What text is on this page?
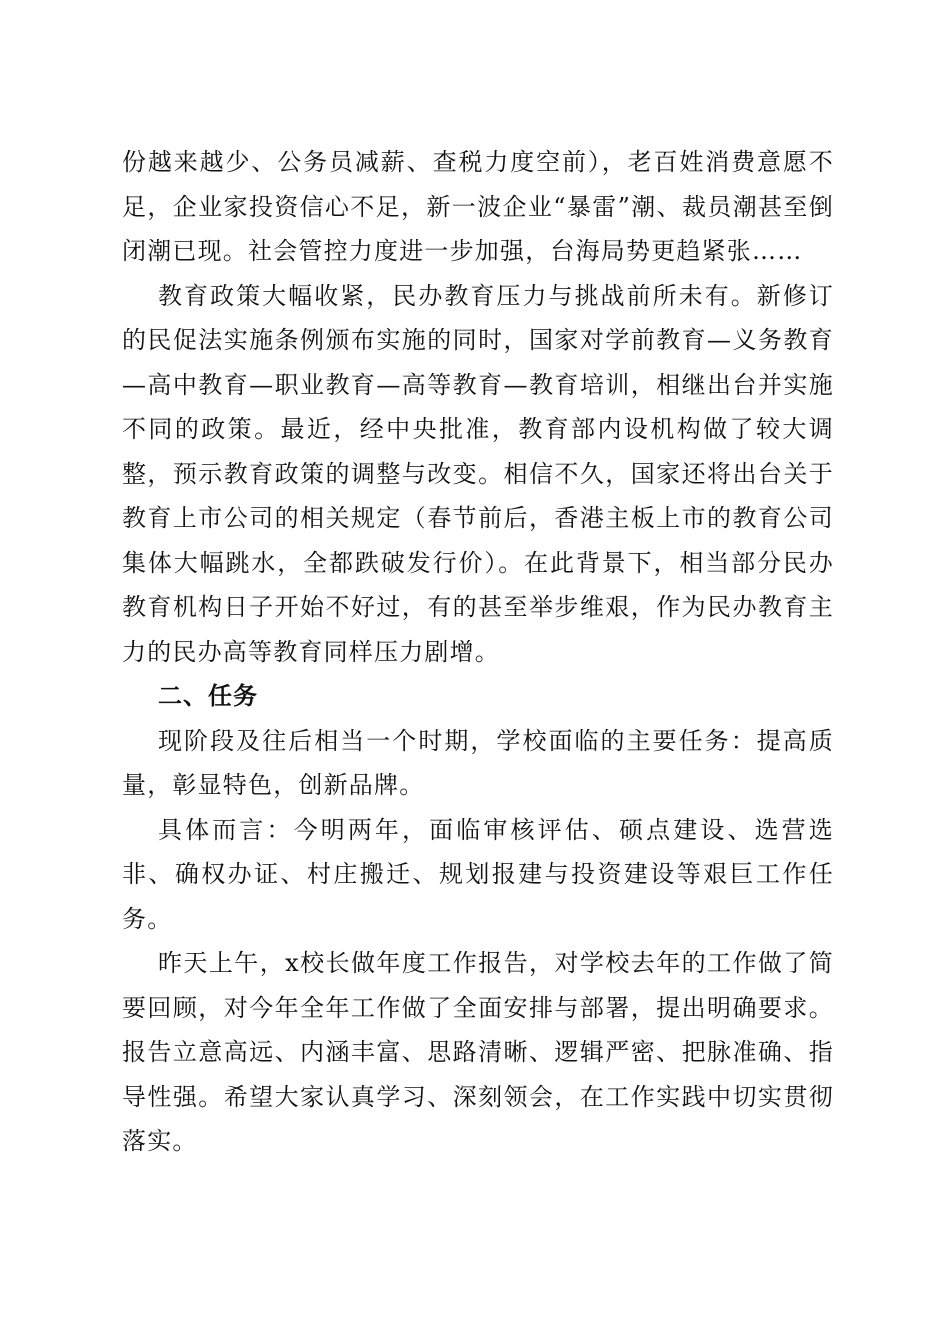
份越来越少、公务员减薪、查税力度空前），老百姓消费意愿不足，企业家投资信心不足，新一波企业“暴雷”潮、裁员潮甚至倒闭潮已现。社会管控力度进一步加强，台海局势更趋紧张……

教育政策大幅收紧，民办教育压力与挑战前所未有。新修订的民促法实施条例颁布实施的同时，国家对学前教育—义务教育—高中教育—职业教育—高等教育—教育培训，相继出台并实施不同的政策。最近，经中央批准，教育部内设机构做了较大调整，预示教育政策的调整与改变。相信不久，国家还将出台关于教育上市公司的相关规定（春节前后，香港主板上市的教育公司集体大幅跳水，全都跌破发行价）。在此背景下，相当部分民办教育机构日子开始不好过，有的甚至举步维艰，作为民办教育主力的民办高等教育同样压力剧增。

二、任务

现阶段及往后相当一个时期，学校面临的主要任务：提高质量，彰显特色，创新品牌。

具体而言：今明两年，面临审核评估、硕点建设、选营选非、确权办证、村庄搬迁、规划报建与投资建设等艰巨工作任务。

昨天上午，x校长做年度工作报告，对学校去年的工作做了简要回顾，对今年全年工作做了全面安排与部署，提出明确要求。报告立意高远、内涵丰富、思路清晰、逻辑严密、把脉准确、指导性强。希望大家认真学习、深刻领会，在工作实践中切实贯彻落实。
